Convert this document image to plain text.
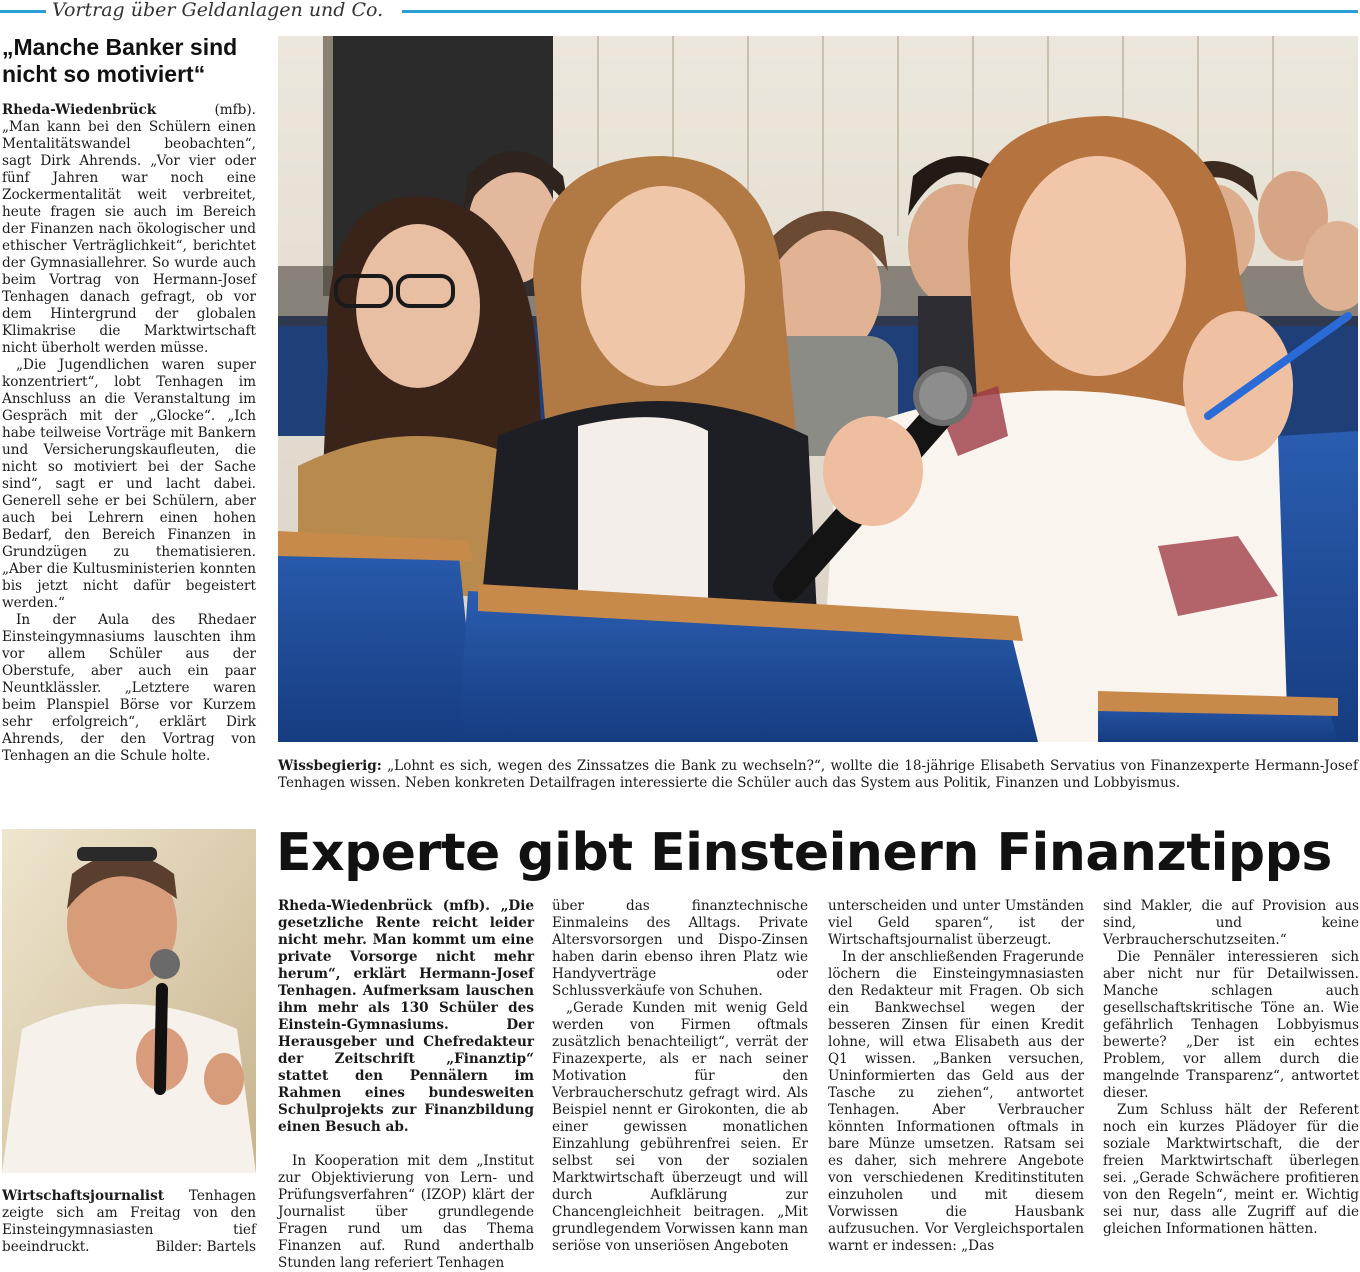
Vortrag über Geldanlagen und Co.
„Manche Banker sind nicht so motiviert“

Rheda-Wiedenbrück	(mfb). „Man kann bei den Schülern einen Mentalitätswandel beobachten“, sagt Dirk Ahrends. „Vor vier oder fünf Jahren war noch eine Zockermentalität weit verbreitet, heute fragen sie auch im Bereich der Finanzen nach ökologischer und ethischer Verträglichkeit“, berichtet der Gymnasiallehrer. So wurde auch beim Vortrag von Hermann-Josef Tenhagen danach gefragt, ob vor dem Hintergrund der globalen Klimakrise die Marktwirtschaft nicht überholt werden müsse.

„Die Jugendlichen waren super konzentriert“, lobt Tenhagen im Anschluss an die Veranstaltung im Gespräch mit der „Glocke“. „Ich habe teilweise Vorträge mit Bankern und Versicherungskaufleuten, die nicht so motiviert bei der Sache sind“, sagt er und lacht dabei. Generell sehe er bei Schülern, aber auch bei Lehrern einen hohen Bedarf, den Bereich Finanzen in Grundzügen zu thematisieren. „Aber die Kultusministerien konnten bis jetzt nicht dafür begeistert werden.“

In der Aula des Rhedaer Einsteingymnasiums lauschten ihm vor allem Schüler aus der Oberstufe, aber auch ein paar Neuntklässler. „Letztere waren beim Planspiel Börse vor Kurzem sehr erfolgreich“, erklärt Dirk Ahrends, der den Vortrag von Tenhagen an die Schule holte.

Wissbegierig: „Lohnt es sich, wegen des Zinssatzes die Bank zu wechseln?“, wollte die 18-jährige Elisabeth Servatius von Finanzexperte Hermann-Josef Tenhagen wissen. Neben konkreten Detailfragen interessierte die Schüler auch das System aus Politik, Finanzen und Lobbyismus.
Wirtschaftsjournalist Tenhagen zeigte sich am Freitag von den Einsteingymnasiasten tief beeindruckt.	Bilder: Bartels
Experte gibt Einsteinern Finanztipps

Rheda-Wiedenbrück (mfb). „Die gesetzliche Rente reicht leider nicht mehr. Man kommt um eine private Vorsorge nicht mehr herum“, erklärt Hermann-Josef Tenhagen. Aufmerksam lauschen ihm mehr als 130 Schüler des Einstein-Gymnasiums. Der Herausgeber und Chefredakteur der Zeitschrift „Finanztip“ stattet den Pennälern im Rahmen eines bundesweiten Schulprojekts zur Finanzbildung einen Besuch ab.

In Kooperation mit dem „Institut zur Objektivierung von Lern- und Prüfungsverfahren“ (IZOP) klärt der Journalist über grundlegende Fragen rund um das Thema Finanzen auf. Rund anderthalb Stunden lang referiert Tenhagen

über das finanztechnische Einmaleins des Alltags. Private Altersvorsorgen und Dispo-Zinsen haben darin ebenso ihren Platz wie Handyverträge oder Schlussverkäufe von Schuhen.

„Gerade Kunden mit wenig Geld werden von Firmen oftmals zusätzlich benachteiligt“, verrät der Finazexperte, als er nach seiner Motivation für den Verbraucherschutz gefragt wird. Als Beispiel nennt er Girokonten, die ab einer gewissen monatlichen Einzahlung gebührenfrei seien. Er selbst sei von der sozialen Marktwirtschaft überzeugt und will durch Aufklärung zur Chancengleichheit beitragen. „Mit grundlegendem Vorwissen kann man seriöse von unseriösen Angeboten

unterscheiden und unter Umständen viel Geld sparen“, ist der Wirtschaftsjournalist überzeugt.

In der anschließenden Fragerunde löchern die Einsteingymnasiasten den Redakteur mit Fragen. Ob sich ein Bankwechsel wegen der besseren Zinsen für einen Kredit lohne, will etwa Elisabeth aus der Q1 wissen. „Banken versuchen, Uninformierten das Geld aus der Tasche zu ziehen“, antwortet Tenhagen. Aber Verbraucher könnten Informationen oftmals in bare Münze umsetzen. Ratsam sei es daher, sich mehrere Angebote von verschiedenen Kreditinstituten einzuholen und mit diesem Vorwissen die Hausbank aufzusuchen. Vor Vergleichsportalen warnt er indessen: „Das

sind Makler, die auf Provision aus sind, und keine Verbraucherschutzseiten.“

Die Pennäler interessieren sich aber nicht nur für Detailwissen. Manche schlagen auch gesellschaftskritische Töne an. Wie gefährlich Tenhagen Lobbyismus bewerte? „Der ist ein echtes Problem, vor allem durch die mangelnde Transparenz“, antwortet dieser.

Zum Schluss hält der Referent noch ein kurzes Plädoyer für die soziale Marktwirtschaft, die der freien Marktwirtschaft überlegen sei. „Gerade Schwächere profitieren von den Regeln“, meint er. Wichtig sei nur, dass alle Zugriff auf die gleichen Informationen hätten.
